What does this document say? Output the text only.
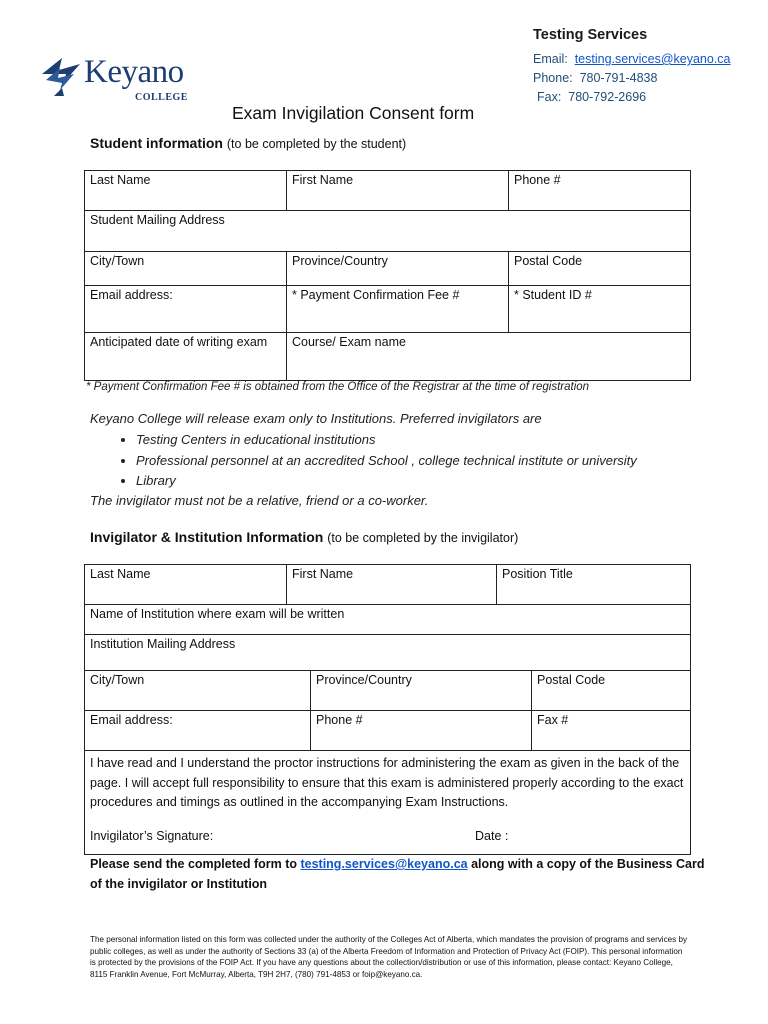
Keyano
COLLEGE
Testing Services
Email: testing.services@keyano.ca
Phone: 780-791-4838
Fax: 780-792-2696
Exam Invigilation Consent form
Student information (to be completed by the student)
Last Name	First Name	Phone #
Student Mailing Address		
City/Town	Province/Country	Postal Code
Email address:	* Payment Confirmation Fee #	* Student ID #
Anticipated date of writing exam	Course/ Exam name	
* Payment Confirmation Fee # is obtained from the Office of the Registrar at the time of registration
Keyano College will release exam only to Institutions. Preferred invigilators are
• Testing Centers in educational institutions
• Professional personnel at an accredited School , college technical institute or university
• Library
The invigilator must not be a relative, friend or a co-worker.
Invigilator & Institution Information (to be completed by the invigilator)
Last Name	First Name		Position Title	
Name of Institution where exam will be written				
Institution Mailing Address				
City/Town		Province/Country		Postal Code
Email address:		Phone #		Fax #

I have read and I understand the proctor instructions for administering the exam as given in the back of the page. I will accept full responsibility to ensure that this exam is administered properly according to the exact procedures and timings as outlined in the accompanying Exam Instructions.
Invigilator’s Signature: Date :				
Please send the completed form to testing.services@keyano.ca along with a copy of the Business Card of the invigilator or Institution
The personal information listed on this form was collected under the authority of the Colleges Act of Alberta, which mandates the provision of programs and services by public colleges, as well as under the authority of Sections 33 (a) of the Alberta Freedom of Information and Protection of Privacy Act (FOIP). This personal information is protected by the provisions of the FOIP Act. If you have any questions about the collection/distribution or use of this information, please contact: Keyano College, 8115 Franklin Avenue, Fort McMurray, Alberta, T9H 2H7, (780) 791-4853 or foip@keyano.ca.
